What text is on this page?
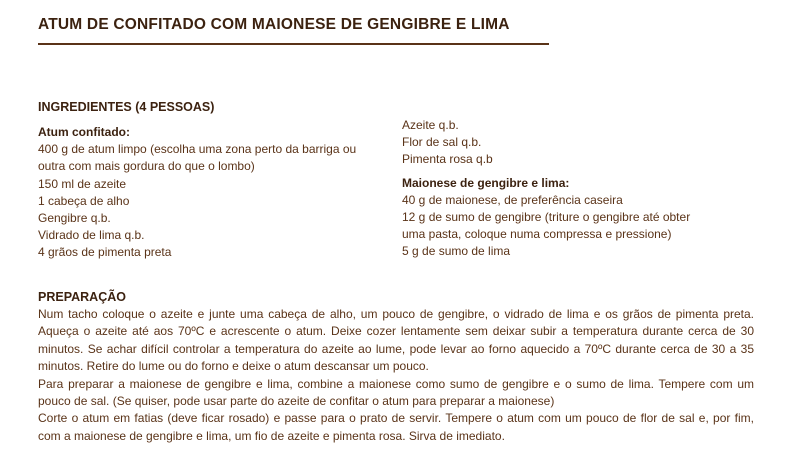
ATUM DE CONFITADO COM MAIONESE DE GENGIBRE E LIMA
INGREDIENTES (4 PESSOAS)
Atum confitado:
400 g de atum limpo (escolha uma zona perto da barriga ou
outra com mais gordura do que o lombo)
150 ml de azeite
1 cabeça de alho
Gengibre q.b.
Vidrado de lima q.b.
4 grãos de pimenta preta
Azeite q.b.
Flor de sal q.b.
Pimenta rosa q.b
Maionese de gengibre e lima:
40 g de maionese, de preferência caseira
12 g de sumo de gengibre (triture o gengibre até obter
uma pasta, coloque numa compressa e pressione)
5 g de sumo de lima
PREPARAÇÃO

Num tacho coloque o azeite e junte uma cabeça de alho, um pouco de gengibre, o vidrado de lima e os grãos de pimenta preta. Aqueça o azeite até aos 70ºC e acrescente o atum. Deixe cozer lentamente sem deixar subir a temperatura durante cerca de 30 minutos. Se achar difícil controlar a temperatura do azeite ao lume, pode levar ao forno aquecido a 70ºC durante cerca de 30 a 35 minutos. Retire do lume ou do forno e deixe o atum descansar um pouco.

Para preparar a maionese de gengibre e lima, combine a maionese como sumo de gengibre e o sumo de lima. Tempere com um pouco de sal. (Se quiser, pode usar parte do azeite de confitar o atum para preparar a maionese)

Corte o atum em fatias (deve ficar rosado) e passe para o prato de servir. Tempere o atum com um pouco de flor de sal e, por fim, com a maionese de gengibre e lima, um fio de azeite e pimenta rosa. Sirva de imediato.
